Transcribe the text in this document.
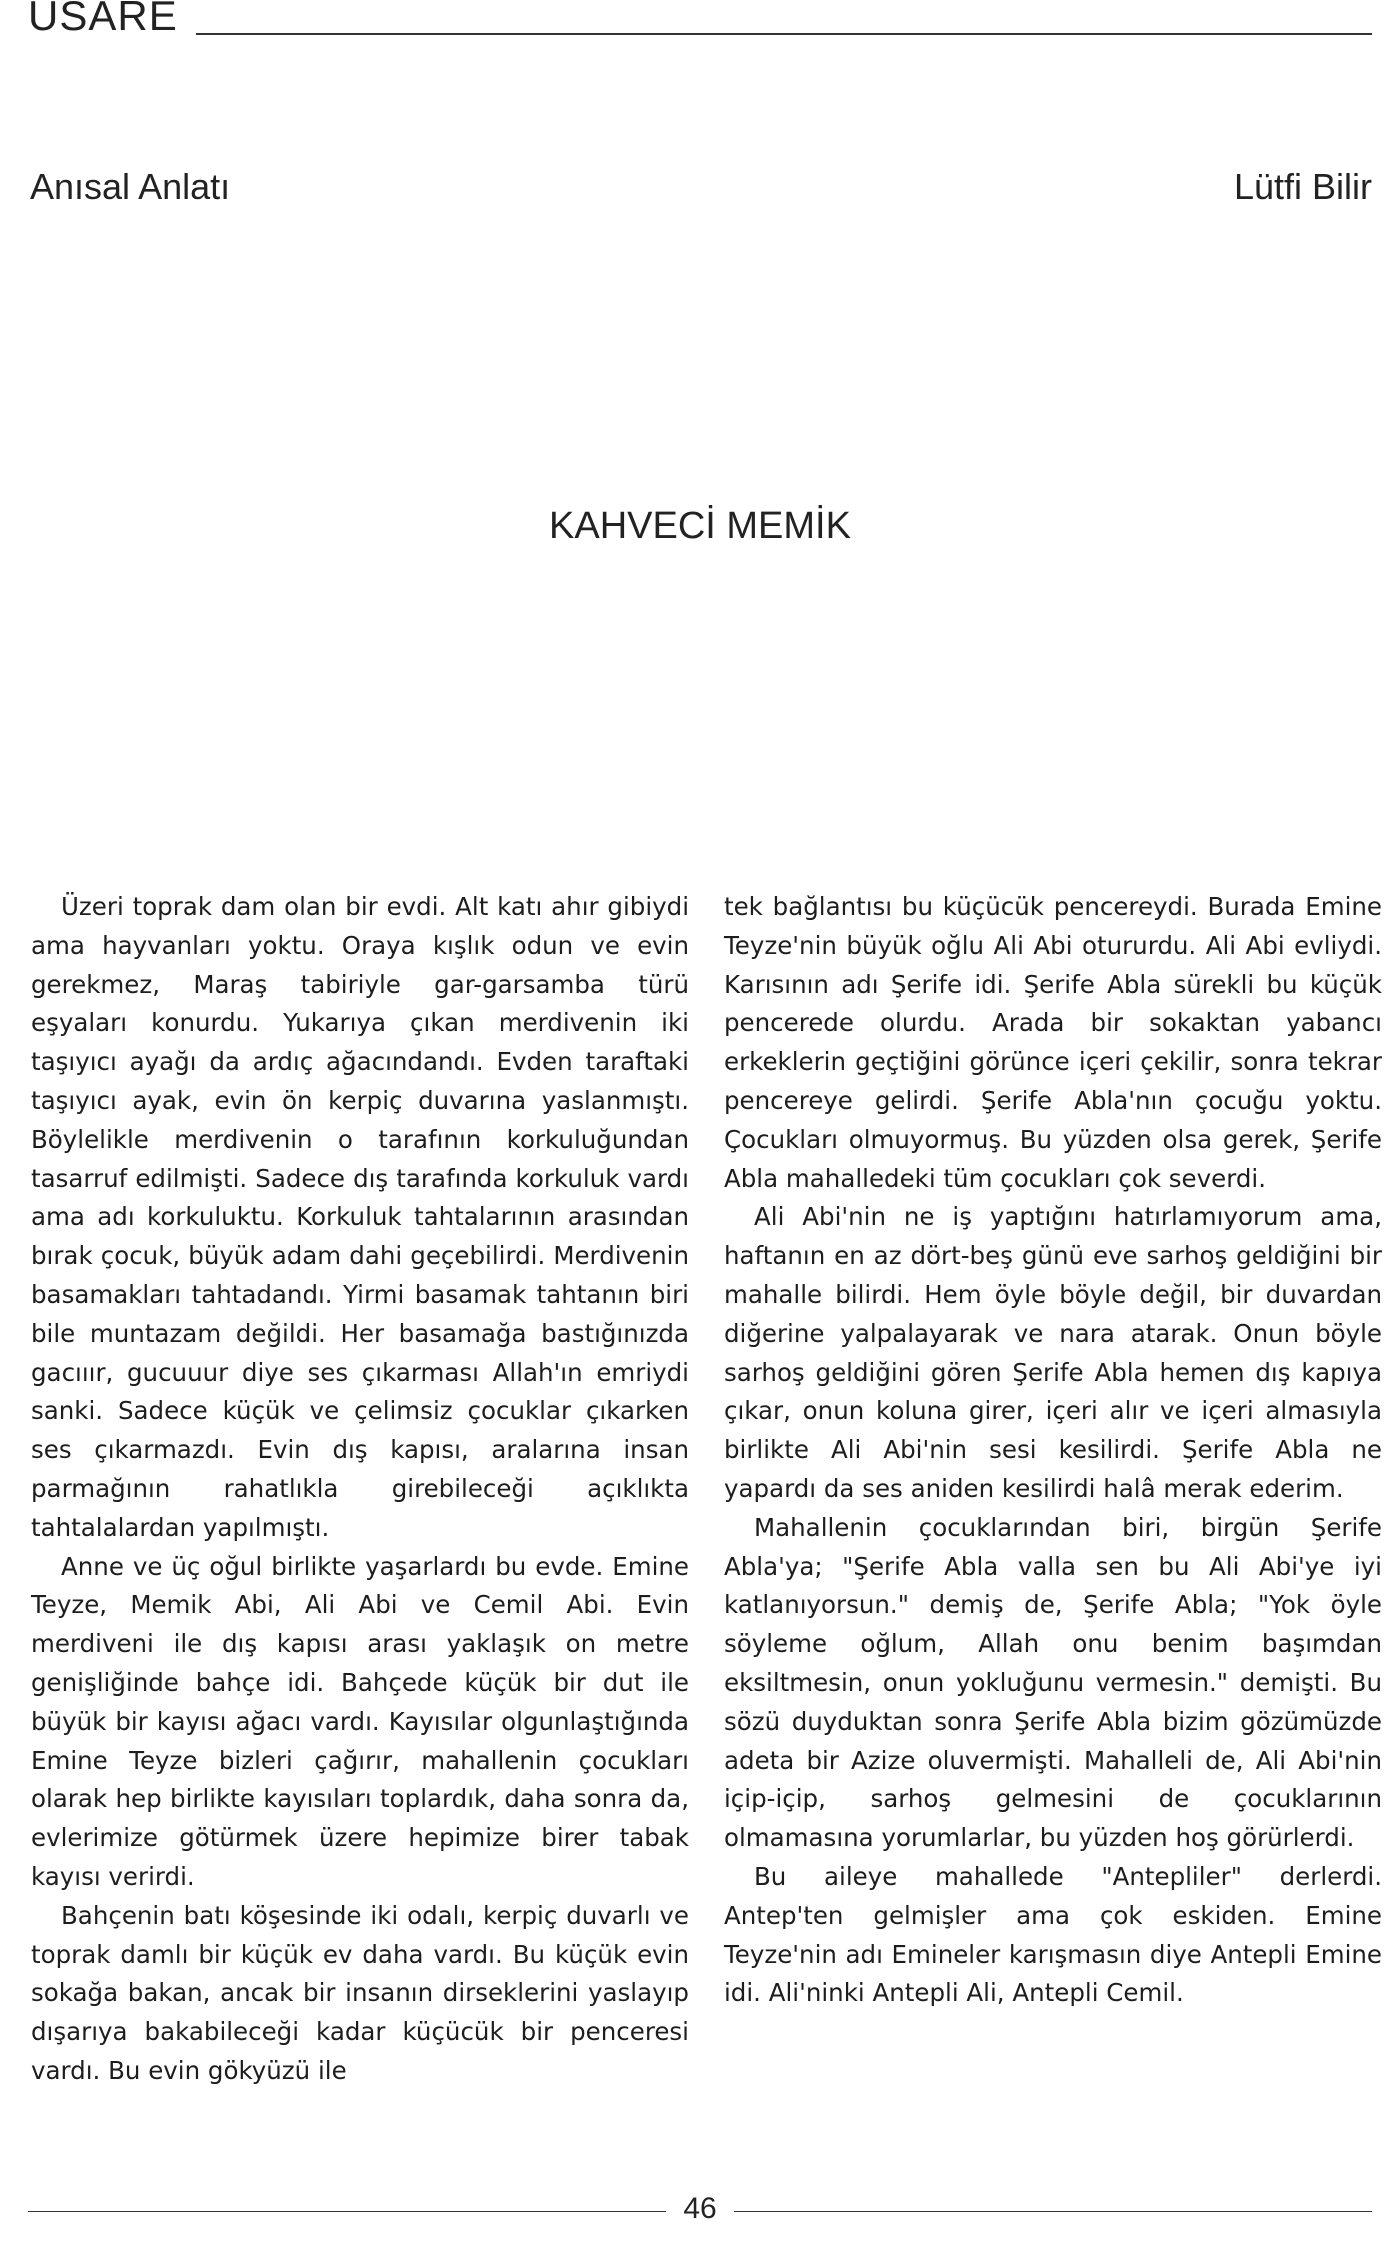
USARE
Anısal Anlatı	Lütfi Bilir
KAHVECİ MEMİK

Üzeri toprak dam olan bir evdi. Alt katı ahır gibiydi ama hayvanları yoktu. Oraya kışlık odun ve evin gerekmez, Maraş tabiriyle gar-garsamba türü eşyaları konurdu. Yukarıya çıkan merdivenin iki taşıyıcı ayağı da ardıç ağacındandı. Evden taraftaki taşıyıcı ayak, evin ön kerpiç duvarına yaslanmıştı. Böylelikle merdivenin o tarafının korkuluğundan tasarruf edilmişti. Sadece dış tarafında korkuluk vardı ama adı korkuluktu. Korkuluk tahtalarının arasından bırak çocuk, büyük adam dahi geçebilirdi. Merdivenin basamakları tahtadandı. Yirmi basamak tahtanın biri bile muntazam değildi. Her basamağa bastığınızda gacııır, gucuuur diye ses çıkarması Allah'ın emriydi sanki. Sadece küçük ve çelimsiz çocuklar çıkarken ses çıkarmazdı. Evin dış kapısı, aralarına insan parmağının rahatlıkla girebileceği açıklıkta tahtalalardan yapılmıştı.

Anne ve üç oğul birlikte yaşarlardı bu evde. Emine Teyze, Memik Abi, Ali Abi ve Cemil Abi. Evin merdiveni ile dış kapısı arası yaklaşık on metre genişliğinde bahçe idi. Bahçede küçük bir dut ile büyük bir kayısı ağacı vardı. Kayısılar olgunlaştığında Emine Teyze bizleri çağırır, mahallenin çocukları olarak hep birlikte kayısıları toplardık, daha sonra da, evlerimize götürmek üzere hepimize birer tabak kayısı verirdi.

Bahçenin batı köşesinde iki odalı, kerpiç duvarlı ve toprak damlı bir küçük ev daha vardı. Bu küçük evin sokağa bakan, ancak bir insanın dirseklerini yaslayıp dışarıya bakabileceği kadar küçücük bir penceresi vardı. Bu evin gökyüzü ile

tek bağlantısı bu küçücük pencereydi. Burada Emine Teyze'nin büyük oğlu Ali Abi otururdu. Ali Abi evliydi. Karısının adı Şerife idi. Şerife Abla sürekli bu küçük pencerede olurdu. Arada bir sokaktan yabancı erkeklerin geçtiğini görünce içeri çekilir, sonra tekrar pencereye gelirdi. Şerife Abla'nın çocuğu yoktu. Çocukları olmuyormuş. Bu yüzden olsa gerek, Şerife Abla mahalledeki tüm çocukları çok severdi.

Ali Abi'nin ne iş yaptığını hatırlamıyorum ama, haftanın en az dört-beş günü eve sarhoş geldiğini bir mahalle bilirdi. Hem öyle böyle değil, bir duvardan diğerine yalpalayarak ve nara atarak. Onun böyle sarhoş geldiğini gören Şerife Abla hemen dış kapıya çıkar, onun koluna girer, içeri alır ve içeri almasıyla birlikte Ali Abi'nin sesi kesilirdi. Şerife Abla ne yapardı da ses aniden kesilirdi halâ merak ederim.

Mahallenin çocuklarından biri, birgün Şerife Abla'ya; "Şerife Abla valla sen bu Ali Abi'ye iyi katlanıyorsun." demiş de, Şerife Abla; "Yok öyle söyleme oğlum, Allah onu benim başımdan eksiltmesin, onun yokluğunu vermesin." demişti. Bu sözü duyduktan sonra Şerife Abla bizim gözümüzde adeta bir Azize oluvermişti. Mahalleli de, Ali Abi'nin içip-içip, sarhoş gelmesini de çocuklarının olmamasına yorumlarlar, bu yüzden hoş görürlerdi.

Bu aileye mahallede "Antepliler" derlerdi. Antep'ten gelmişler ama çok eskiden. Emine Teyze'nin adı Emineler karışmasın diye Antepli Emine idi. Ali'ninki Antepli Ali, Antepli Cemil.

46
